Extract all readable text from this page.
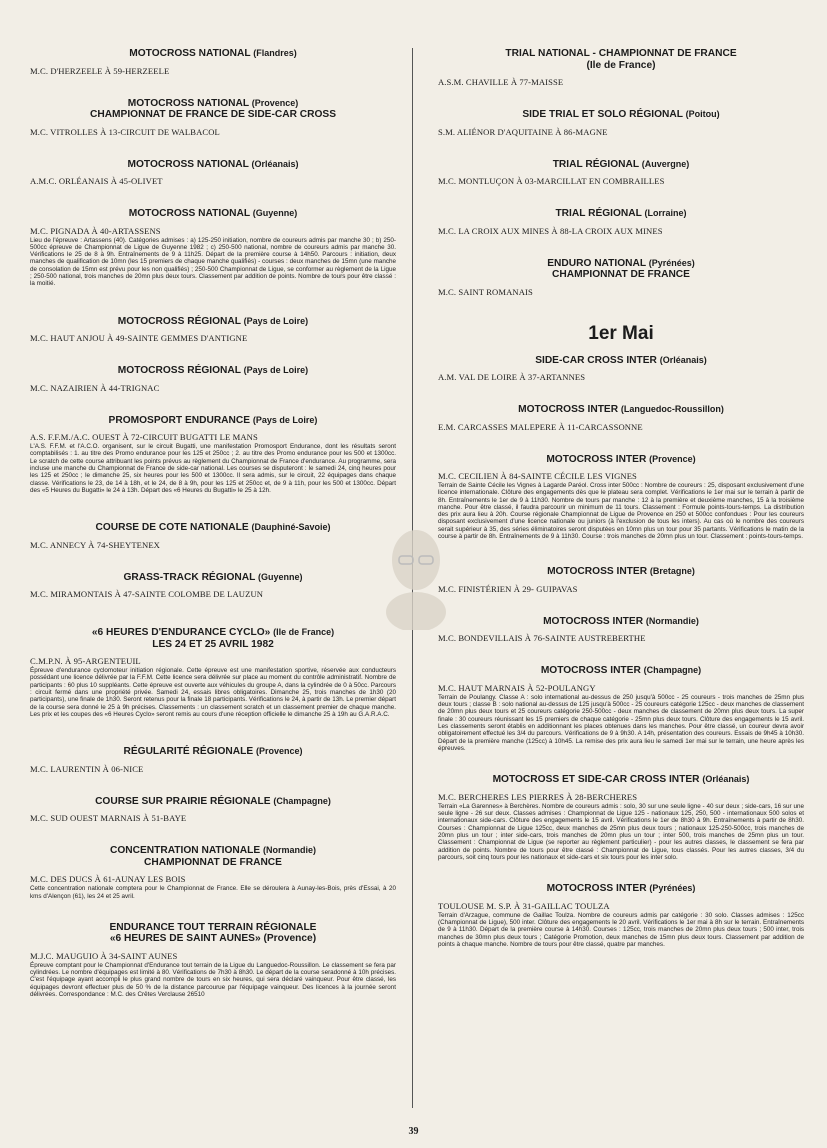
MOTOCROSS NATIONAL (Flandres)
M.C. D'HERZEELE À 59-HERZEELE
MOTOCROSS NATIONAL (Provence)
CHAMPIONNAT DE FRANCE DE SIDE-CAR CROSS
M.C. VITROLLES À 13-CIRCUIT DE WALBACOL
MOTOCROSS NATIONAL (Orléanais)
A.M.C. ORLÉANAIS À 45-OLIVET
MOTOCROSS NATIONAL (Guyenne)
M.C. PIGNADA À 40-ARTASSENS
Lieu de l'épreuve : Artassens (40). Catégories admises : a) 125-250 initiation, nombre de coureurs admis par manche 30 ; b) 250-500cc épreuve de Championnat de Ligue de Guyenne 1982 ; c) 250-500 national, nombre de coureurs admis par manche 30. Vérifications le 25 de 8 à 9h. Entraînements de 9 à 11h25. Départ de la première course à 14h50. Parcours : initiation, deux manches de qualification de 10mn (les 15 premiers de chaque manche qualifiés) - courses : deux manches de 15mn (une manche de consolation de 15mn est prévu pour les non qualifiés) ; 250-500 Championnat de Ligue, se conformer au règlement de la Ligue ; 250-500 national, trois manches de 20mn plus deux tours. Classement par addition de points. Nombre de tours pour être classé : la moitié.
MOTOCROSS RÉGIONAL (Pays de Loire)
M.C. HAUT ANJOU À 49-SAINTE GEMMES D'ANTIGNE
MOTOCROSS RÉGIONAL (Pays de Loire)
M.C. NAZAIRIEN À 44-TRIGNAC
PROMOSPORT ENDURANCE (Pays de Loire)
A.S. F.F.M./A.C. OUEST À 72-CIRCUIT BUGATTI LE MANS
L'A.S. F.F.M. et l'A.C.O. organisent, sur le circuit Bugatti, une manifestation Promosport Endurance, dont les résultats seront comptabilisés : 1. au titre des Promo endurance pour les 125 et 250cc ; 2. au titre des Promo endurance pour les 500 et 1300cc. Le scratch de cette course attribuant les points prévus au règlement du Championnat de France d'endurance. Au programme, sera incluse une manche du Championnat de France de side-car national. Les courses se disputeront : le samedi 24, cinq heures pour les 125 et 250cc ; le dimanche 25, six heures pour les 500 et 1300cc. Il sera admis, sur le circuit, 22 équipages dans chaque classe. Vérifications le 23, de 14 à 18h, et le 24, de 8 à 9h, pour les 125 et 250cc et, de 9 à 11h, pour les 500 et 1300cc. Départ des «5 Heures du Bugatti» le 24 à 13h. Départ des «6 Heures du Bugatti» le 25 à 12h.
COURSE DE COTE NATIONALE (Dauphiné-Savoie)
M.C. ANNECY À 74-SHEYTENEX
GRASS-TRACK RÉGIONAL (Guyenne)
M.C. MIRAMONTAIS À 47-SAINTE COLOMBE DE LAUZUN
«6 HEURES D'ENDURANCE CYCLO» (Ile de France)
LES 24 ET 25 AVRIL 1982
C.M.P.N. À 95-ARGENTEUIL
Épreuve d'endurance cyclomoteur initiation régionale. Cette épreuve est une manifestation sportive, réservée aux conducteurs possédant une licence délivrée par la F.F.M. Cette licence sera délivrée sur place au moment du contrôle administratif. Nombre de participants : 60 plus 10 suppléants. Cette épreuve est ouverte aux véhicules du groupe A, dans la cylindrée de 0 à 50cc. Parcours : circuit fermé dans une propriété privée. Samedi 24, essais libres obligatoires. Dimanche 25, trois manches de 1h30 (20 participants), une finale de 1h30. Seront retenus pour la finale 18 participants. Vérifications le 24, à partir de 13h. Le premier départ de la course sera donné le 25 à 9h précises. Classements : un classement scratch et un classement premier de chaque manche. Les prix et les coupes des «6 Heures Cyclo» seront remis au cours d'une réception officielle le dimanche 25 à 19h au G.A.R.A.C.
RÉGULARITÉ RÉGIONALE (Provence)
M.C. LAURENTIN À 06-NICE
COURSE SUR PRAIRIE RÉGIONALE (Champagne)
M.C. SUD OUEST MARNAIS À 51-BAYE
CONCENTRATION NATIONALE (Normandie)
CHAMPIONNAT DE FRANCE
M.C. DES DUCS À 61-AUNAY LES BOIS
Cette concentration nationale comptera pour le Championnat de France. Elle se déroulera à Aunay-les-Bois, près d'Essai, à 20 kms d'Alençon (61), les 24 et 25 avril.
ENDURANCE TOUT TERRAIN RÉGIONALE
«6 HEURES DE SAINT AUNES» (Provence)
M.J.C. MAUGUIO À 34-SAINT AUNES
Épreuve comptant pour le Championnat d'Endurance tout terrain de la Ligue du Languedoc-Roussillon. Le classement se fera par cylindrées. Le nombre d'équipages est limité à 80. Vérifications de 7h30 à 8h30. Le départ de la course seradonné à 10h précises. C'est l'équipage ayant accompli le plus grand nombre de tours en six heures, qui sera déclaré vainqueur. Pour être classé, les équipages devront effectuer plus de 50 % de la distance parcourue par l'équipage vainqueur. Des licences à la journée seront délivrées. Correspondance : M.C. des Crêtes Verclause 26510
TRIAL NATIONAL - CHAMPIONNAT DE FRANCE
(Ile de France)
A.S.M. CHAVILLE À 77-MAISSE
SIDE TRIAL ET SOLO RÉGIONAL (Poitou)
S.M. ALIÉNOR D'AQUITAINE À 86-MAGNE
TRIAL RÉGIONAL (Auvergne)
M.C. MONTLUÇON À 03-MARCILLAT EN COMBRAILLES
TRIAL RÉGIONAL (Lorraine)
M.C. LA CROIX AUX MINES À 88-LA CROIX AUX MINES
ENDURO NATIONAL (Pyrénées)
CHAMPIONNAT DE FRANCE
M.C. SAINT ROMANAIS
1er Mai
SIDE-CAR CROSS INTER (Orléanais)
A.M. VAL DE LOIRE À 37-ARTANNES
MOTOCROSS INTER (Languedoc-Roussillon)
E.M. CARCASSES MALEPERE À 11-CARCASSONNE
MOTOCROSS INTER (Provence)
M.C. CECILIEN À 84-SAINTE CÉCILE LES VIGNES
Terrain de Sainte Cécile les Vignes à Lagarde Paréol. Cross inter 500cc : Nombre de coureurs : 25, disposant exclusivement d'une licence internationale. Clôture des engagements dès que le plateau sera complet. Vérifications le 1er mai sur le terrain à partir de 8h. Entraînements le 1er de 9 à 11h30. Nombre de tours par manche : 12 à la première et deuxième manches, 15 à la troisième manche. Pour être classé, il faudra parcourir un minimum de 11 tours. Classement : Formule points-tours-temps. La distribution des prix aura lieu à 20h. Course régionale Championnat de Ligue de Provence en 250 et 500cc confondues : Pour les coureurs disposant exclusivement d'une licence nationale ou juniors (à l'exclusion de tous les inters). Au cas où le nombre des coureurs serait supérieur à 35, des séries éliminatoires seront disputées en 10mn plus un tour pour 35 partants. Vérifications le matin de la course à partir de 8h. Entraînements de 9 à 11h30. Course : trois manches de 20mn plus un tour. Classement : points-tours-temps.
MOTOCROSS INTER (Bretagne)
M.C. FINISTÉRIEN À 29- GUIPAVAS
MOTOCROSS INTER (Normandie)
M.C. BONDEVILLAIS À 76-SAINTE AUSTREBERTHE
MOTOCROSS INTER (Champagne)
M.C. HAUT MARNAIS À 52-POULANGY
Terrain de Poulangy. Classe A : solo international au-dessus de 250 jusqu'à 500cc - 25 coureurs - trois manches de 25mn plus deux tours ; classe B : solo national au-dessus de 125 jusqu'à 500cc - 25 coureurs catégorie 125cc - deux manches de classement de 20mn plus deux tours et 25 coureurs catégorie 250-500cc - deux manches de classement de 20mn plus deux tours. La super finale : 30 coureurs réunissant les 15 premiers de chaque catégorie - 25mn plus deux tours. Clôture des engagements le 15 avril. Les classements seront établis en additionnant les places obtenues dans les manches. Pour être classé, un coureur devra avoir obligatoirement effectué les 3/4 du parcours. Vérifications de 9 à 9h30. A 14h, présentation des coureurs. Essais de 9h45 à 10h30. Départ de la première manche (125cc) à 10h45. La remise des prix aura lieu le samedi 1er mai sur le terrain, une heure après les épreuves.
MOTOCROSS ET SIDE-CAR CROSS INTER (Orléanais)
M.C. BERCHERES LES PIERRES À 28-BERCHERES
Terrain «La Garennes» à Berchères. Nombre de coureurs admis : solo, 30 sur une seule ligne - 40 sur deux ; side-cars, 16 sur une seule ligne - 26 sur deux. Classes admises : Championnat de Ligue 125 - nationaux 125, 250, 500 - internationaux 500 solos et internationaux side-cars. Clôture des engagements le 15 avril. Vérifications le 1er de 8h30 à 9h. Entraînements à partir de 8h30. Courses : Championnat de Ligue 125cc, deux manches de 25mn plus deux tours ; nationaux 125-250-500cc, trois manches de 20mn plus un tour ; inter side-cars, trois manches de 20mn plus un tour ; inter 500, trois manches de 25mn plus un tour. Classement : Championnat de Ligue (se reporter au règlement particulier) - pour les autres classes, le classement se fera par addition de points. Nombre de tours pour être classé : Championnat de Ligue, tous classés. Pour les autres classes, 3/4 du parcours, soit cinq tours pour les nationaux et side-cars et six tours pour les inter solo.
MOTOCROSS INTER (Pyrénées)
TOULOUSE M. S.P. À 31-GAILLAC TOULZA
Terrain d'Arzague, commune de Gaillac Toulza. Nombre de coureurs admis par catégorie : 30 solo. Classes admises : 125cc (Championnat de Ligue), 500 inter. Clôture des engagements le 20 avril. Vérifications le 1er mai à 8h sur le terrain. Entraînements de 9 à 11h30. Départ de la première course à 14h30. Courses : 125cc, trois manches de 20mn plus deux tours ; 500 inter, trois manches de 30mn plus deux tours ; Catégorie Promotion, deux manches de 15mn plus deux tours. Classement par addition de points à chaque manche. Nombre de tours pour être classé, quatre par manches.
39
